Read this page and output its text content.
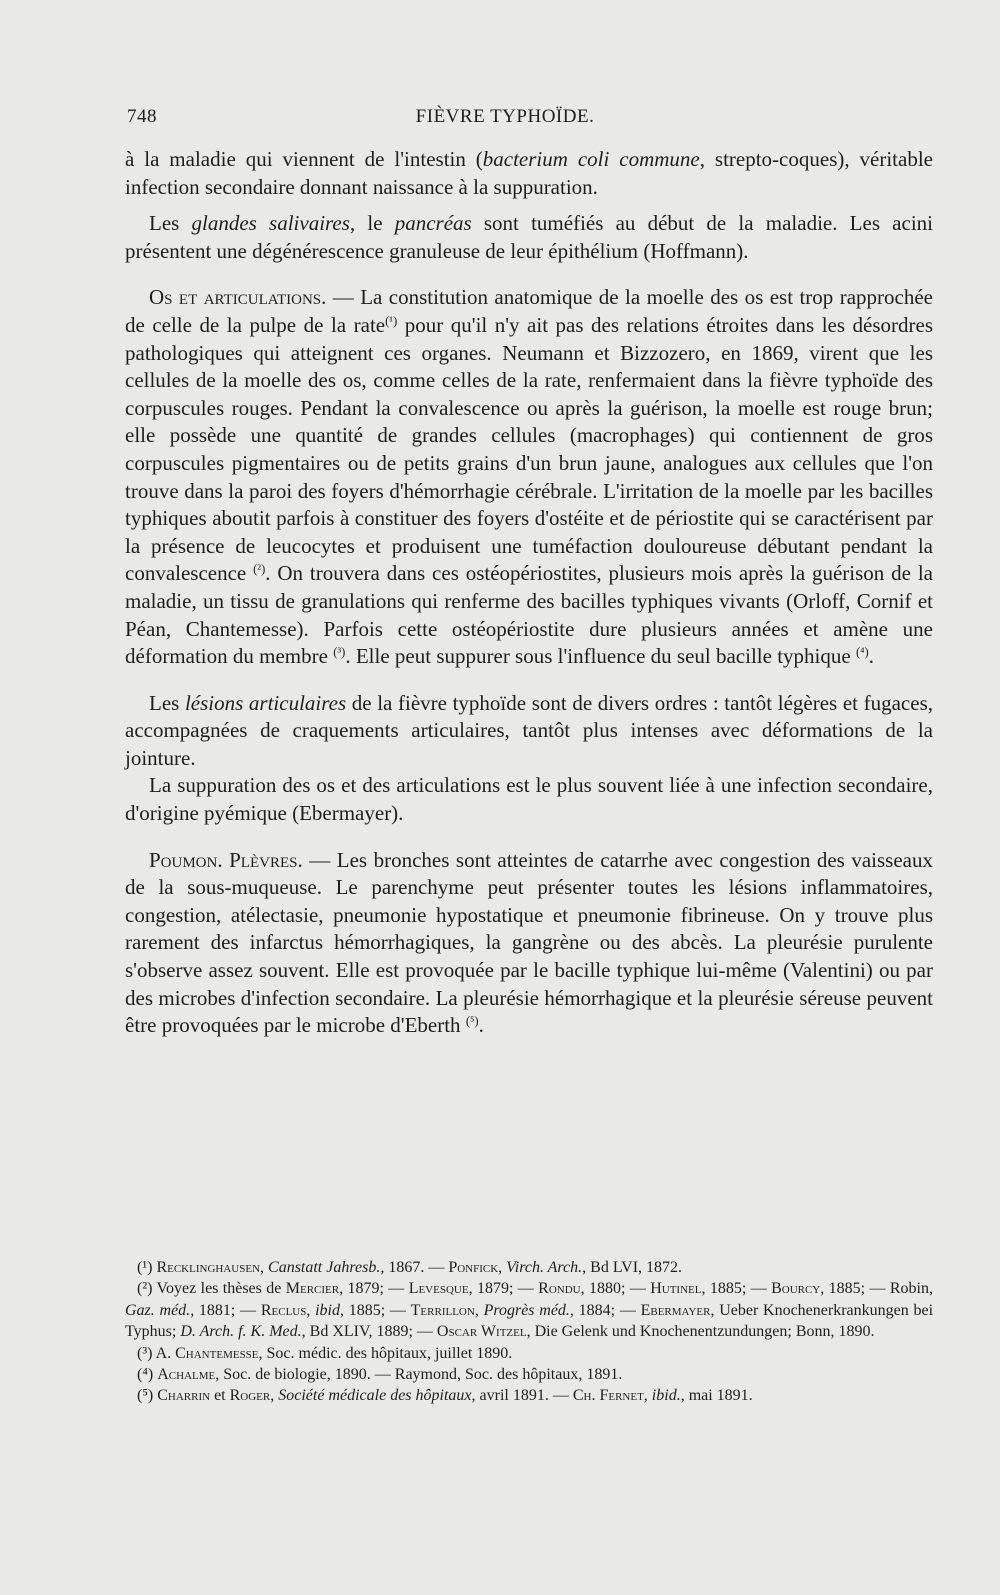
748	FIÈVRE TYPHOÏDE.

à la maladie qui viennent de l'intestin (bacterium coli commune, strepto-coques), véritable infection secondaire donnant naissance à la suppuration.

Les glandes salivaires, le pancréas sont tuméfiés au début de la maladie. Les acini présentent une dégénérescence granuleuse de leur épithélium (Hoffmann).

Os et articulations. — La constitution anatomique de la moelle des os est trop rapprochée de celle de la pulpe de la rate$^{(^1)}$ pour qu'il n'y ait pas des relations étroites dans les désordres pathologiques qui atteignent ces organes. Neumann et Bizzozero, en 1869, virent que les cellules de la moelle des os, comme celles de la rate, renfermaient dans la fièvre typhoïde des corpuscules rouges. Pendant la convalescence ou après la guérison, la moelle est rouge brun; elle possède une quantité de grandes cellules (macrophages) qui contiennent de gros corpuscules pigmentaires ou de petits grains d'un brun jaune, analogues aux cellules que l'on trouve dans la paroi des foyers d'hémorrhagie cérébrale. L'irritation de la moelle par les bacilles typhiques aboutit parfois à constituer des foyers d'ostéite et de périostite qui se caractérisent par la présence de leucocytes et produisent une tuméfaction douloureuse débutant pendant la convalescence $^{(^2)}$. On trouvera dans ces ostéopériostites, plusieurs mois après la guérison de la maladie, un tissu de granulations qui renferme des bacilles typhiques vivants (Orloff, Cornif et Péan, Chantemesse). Parfois cette ostéopériostite dure plusieurs années et amène une déformation du membre $^{(^3)}$. Elle peut suppurer sous l'influence du seul bacille typhique $^{(^4)}$.

Les lésions articulaires de la fièvre typhoïde sont de divers ordres : tantôt légères et fugaces, accompagnées de craquements articulaires, tantôt plus intenses avec déformations de la jointure.

La suppuration des os et des articulations est le plus souvent liée à une infection secondaire, d'origine pyémique (Ebermayer).

Poumon. Plèvres. — Les bronches sont atteintes de catarrhe avec congestion des vaisseaux de la sous-muqueuse. Le parenchyme peut présenter toutes les lésions inflammatoires, congestion, atélectasie, pneumonie hypostatique et pneumonie fibrineuse. On y trouve plus rarement des infarctus hémorrhagiques, la gangrène ou des abcès. La pleurésie purulente s'observe assez souvent. Elle est provoquée par le bacille typhique lui-même (Valentini) ou par des microbes d'infection secondaire. La pleurésie hémorrhagique et la pleurésie séreuse peuvent être provoquées par le microbe d'Eberth $^{(^5)}$.

(¹) Recklinghausen, Canstatt Jahresb., 1867. — Ponfick, Virch. Arch., Bd LVI, 1872.

(²) Voyez les thèses de Mercier, 1879; — Levesque, 1879; — Rondu, 1880; — Hutinel, 1885; — Bourcy, 1885; — Robin, Gaz. méd., 1881; — Reclus, ibid, 1885; — Terrillon, Progrès méd., 1884; — Ebermayer, Ueber Knochenerkrankungen bei Typhus; D. Arch. f. K. Med., Bd XLIV, 1889; — Oscar Witzel, Die Gelenk und Knochenentzundungen; Bonn, 1890.

(³) A. Chantemesse, Soc. médic. des hôpitaux, juillet 1890.

(⁴) Achalme, Soc. de biologie, 1890. — Raymond, Soc. des hôpitaux, 1891.

(⁵) Charrin et Roger, Société médicale des hôpitaux, avril 1891. — Ch. Fernet, ibid., mai 1891.
